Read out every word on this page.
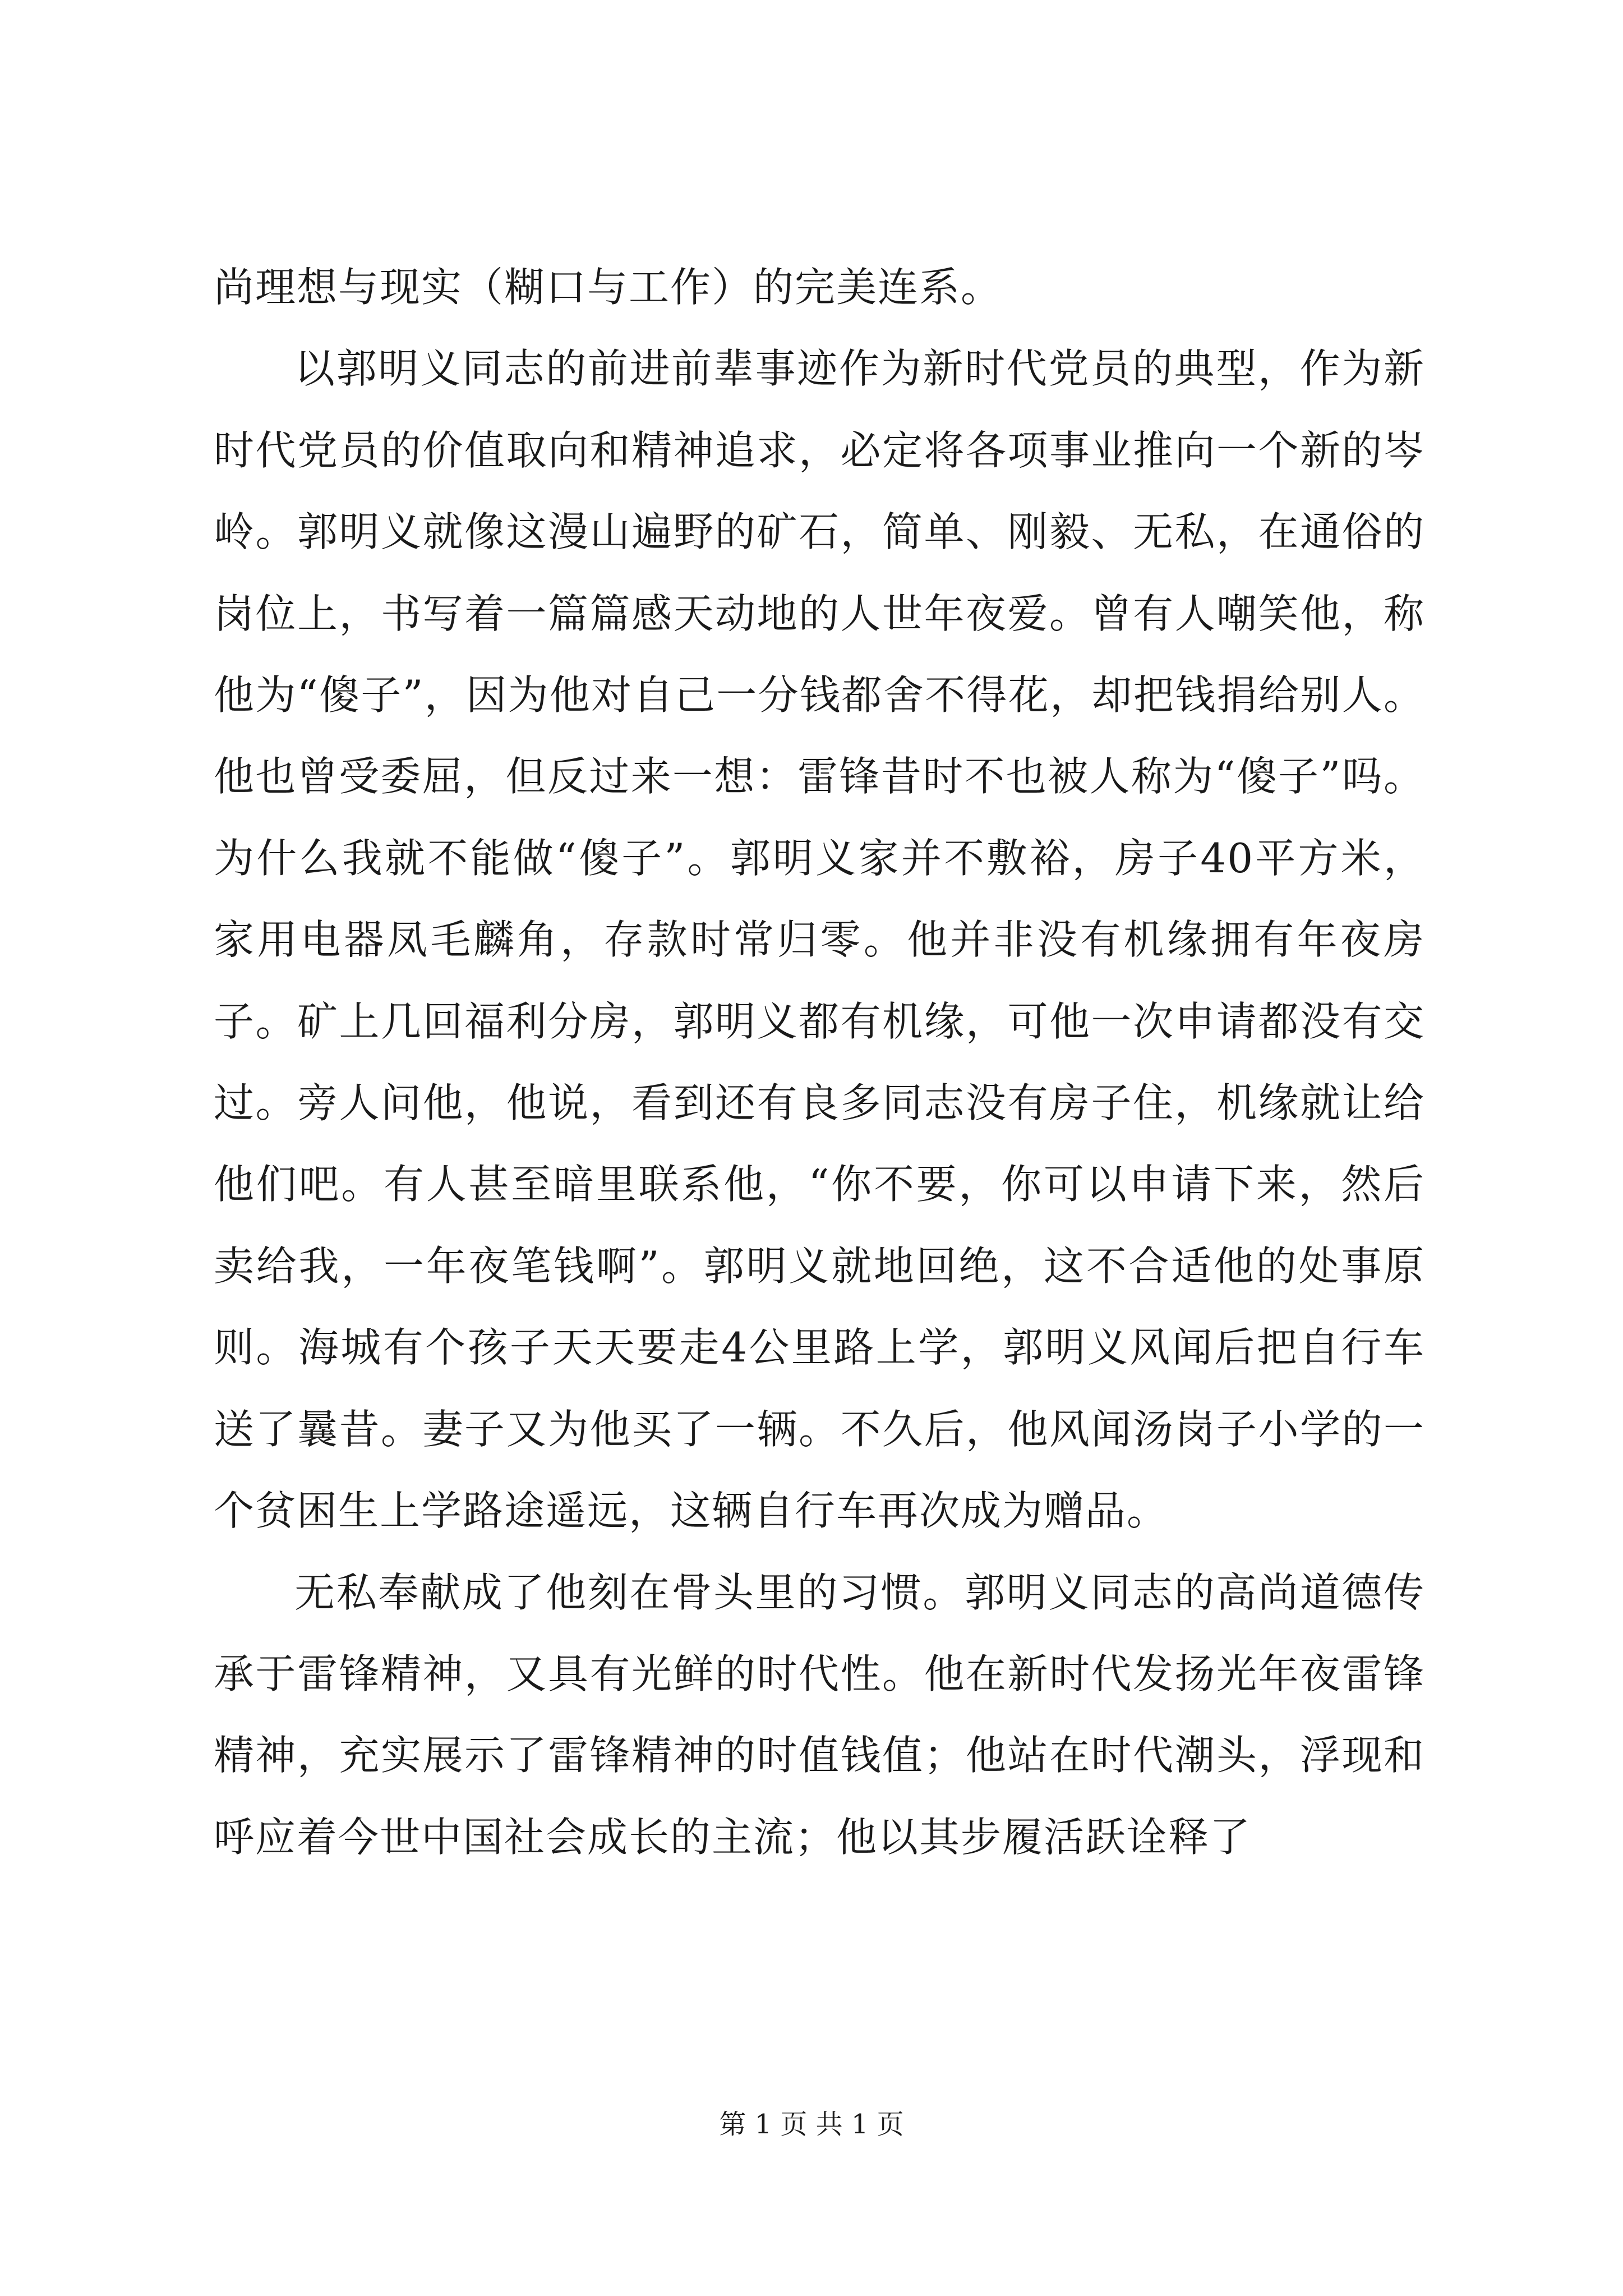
尚理想与现实（糊口与工作）的完美连系。

以郭明义同志的前进前辈事迹作为新时代党员的典型，作为新时代党员的价值取向和精神追求，必定将各项事业推向一个新的岑岭。郭明义就像这漫山遍野的矿石，简单、刚毅、无私，在通俗的岗位上，书写着一篇篇感天动地的人世年夜爱。曾有人嘲笑他，称他为“傻子”，因为他对自己一分钱都舍不得花，却把钱捐给别人。他也曾受委屈，但反过来一想：雷锋昔时不也被人称为“傻子”吗。为什么我就不能做“傻子”。郭明义家并不敷裕，房子40平方米，家用电器凤毛麟角，存款时常归零。他并非没有机缘拥有年夜房子。矿上几回福利分房，郭明义都有机缘，可他一次申请都没有交过。旁人问他，他说，看到还有良多同志没有房子住，机缘就让给他们吧。有人甚至暗里联系他，“你不要，你可以申请下来，然后卖给我，一年夜笔钱啊”。郭明义就地回绝，这不合适他的处事原则。海城有个孩子天天要走4公里路上学，郭明义风闻后把自行车送了曩昔。妻子又为他买了一辆。不久后，他风闻汤岗子小学的一个贫困生上学路途遥远，这辆自行车再次成为赠品。

无私奉献成了他刻在骨头里的习惯。郭明义同志的高尚道德传承于雷锋精神，又具有光鲜的时代性。他在新时代发扬光年夜雷锋精神，充实展示了雷锋精神的时值钱值；他站在时代潮头，浮现和呼应着今世中国社会成长的主流；他以其步履活跃诠释了

第 1 页 共 1 页
